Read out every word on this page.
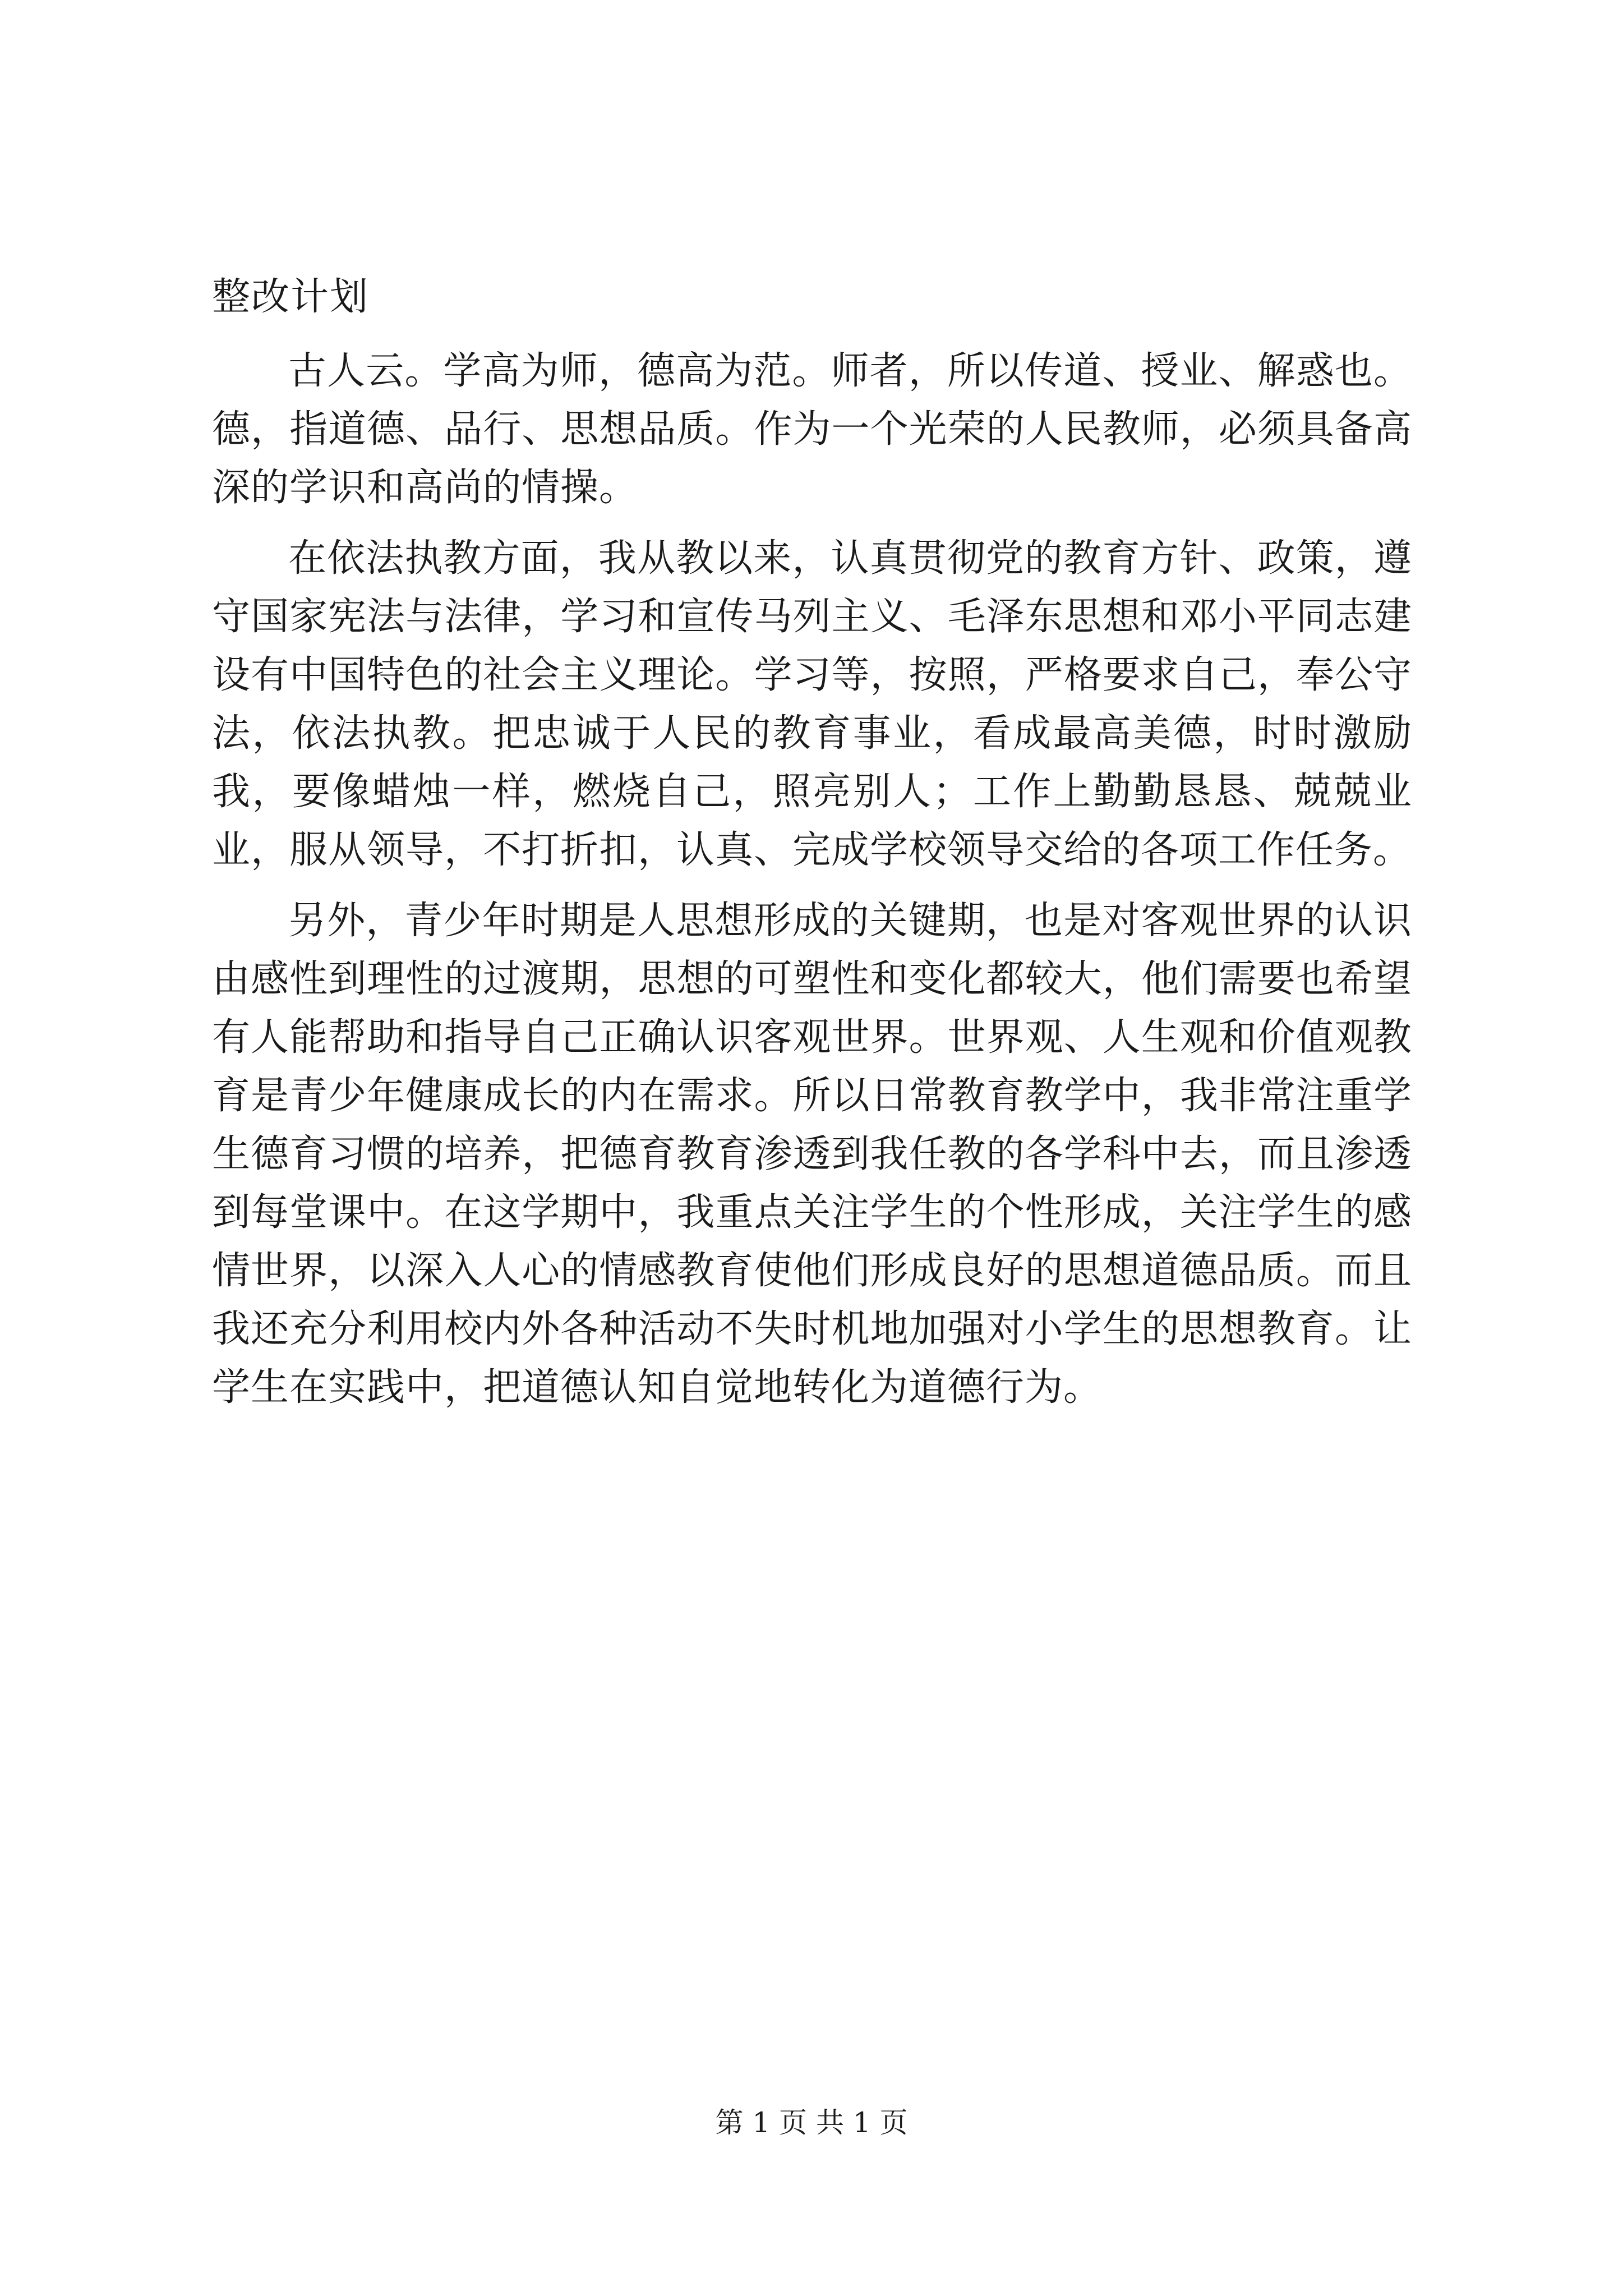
整改计划

古人云。学高为师，德高为范。师者，所以传道、授业、解惑也。德，指道德、品行、思想品质。作为一个光荣的人民教师，必须具备高深的学识和高尚的情操。

在依法执教方面，我从教以来，认真贯彻党的教育方针、政策，遵守国家宪法与法律，学习和宣传马列主义、毛泽东思想和邓小平同志建设有中国特色的社会主义理论。学习等，按照，严格要求自己，奉公守法，依法执教。把忠诚于人民的教育事业，看成最高美德，时时激励我，要像蜡烛一样，燃烧自己，照亮别人；工作上勤勤恳恳、兢兢业业，服从领导，不打折扣，认真、完成学校领导交给的各项工作任务。

另外，青少年时期是人思想形成的关键期，也是对客观世界的认识由感性到理性的过渡期，思想的可塑性和变化都较大，他们需要也希望有人能帮助和指导自己正确认识客观世界。世界观、人生观和价值观教育是青少年健康成长的内在需求。所以日常教育教学中，我非常注重学生德育习惯的培养，把德育教育渗透到我任教的各学科中去，而且渗透到每堂课中。在这学期中，我重点关注学生的个性形成，关注学生的感情世界，以深入人心的情感教育使他们形成良好的思想道德品质。而且我还充分利用校内外各种活动不失时机地加强对小学生的思想教育。让学生在实践中，把道德认知自觉地转化为道德行为。

第 1 页 共 1 页
